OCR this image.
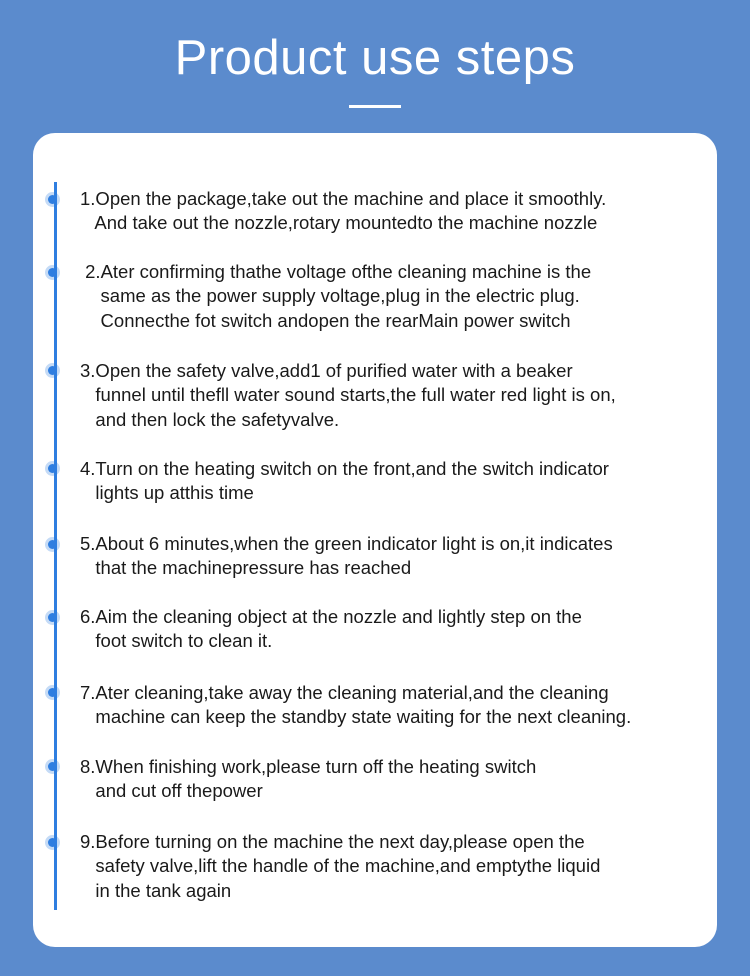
Product use steps

1.Open the package,take out the machine and place it smoothly.
And take out the nozzle,rotary mountedto the machine nozzle

2.Ater confirming thathe voltage ofthe cleaning machine is the
same as the power supply voltage,plug in the electric plug.
Connecthe fot switch andopen the rearMain power switch

3.Open the safety valve,add1 of purified water with a beaker
funnel until thefll water sound starts,the full water red light is on,
and then lock the safetyvalve.

4.Turn on the heating switch on the front,and the switch indicator
lights up atthis time

5.About 6 minutes,when the green indicator light is on,it indicates
that the machinepressure has reached

6.Aim the cleaning object at the nozzle and lightly step on the
foot switch to clean it.

7.Ater cleaning,take away the cleaning material,and the cleaning
machine can keep the standby state waiting for the next cleaning.

8.When finishing work,please turn off the heating switch
and cut off thepower

9.Before turning on the machine the next day,please open the
safety valve,lift the handle of the machine,and emptythe liquid
in the tank again
